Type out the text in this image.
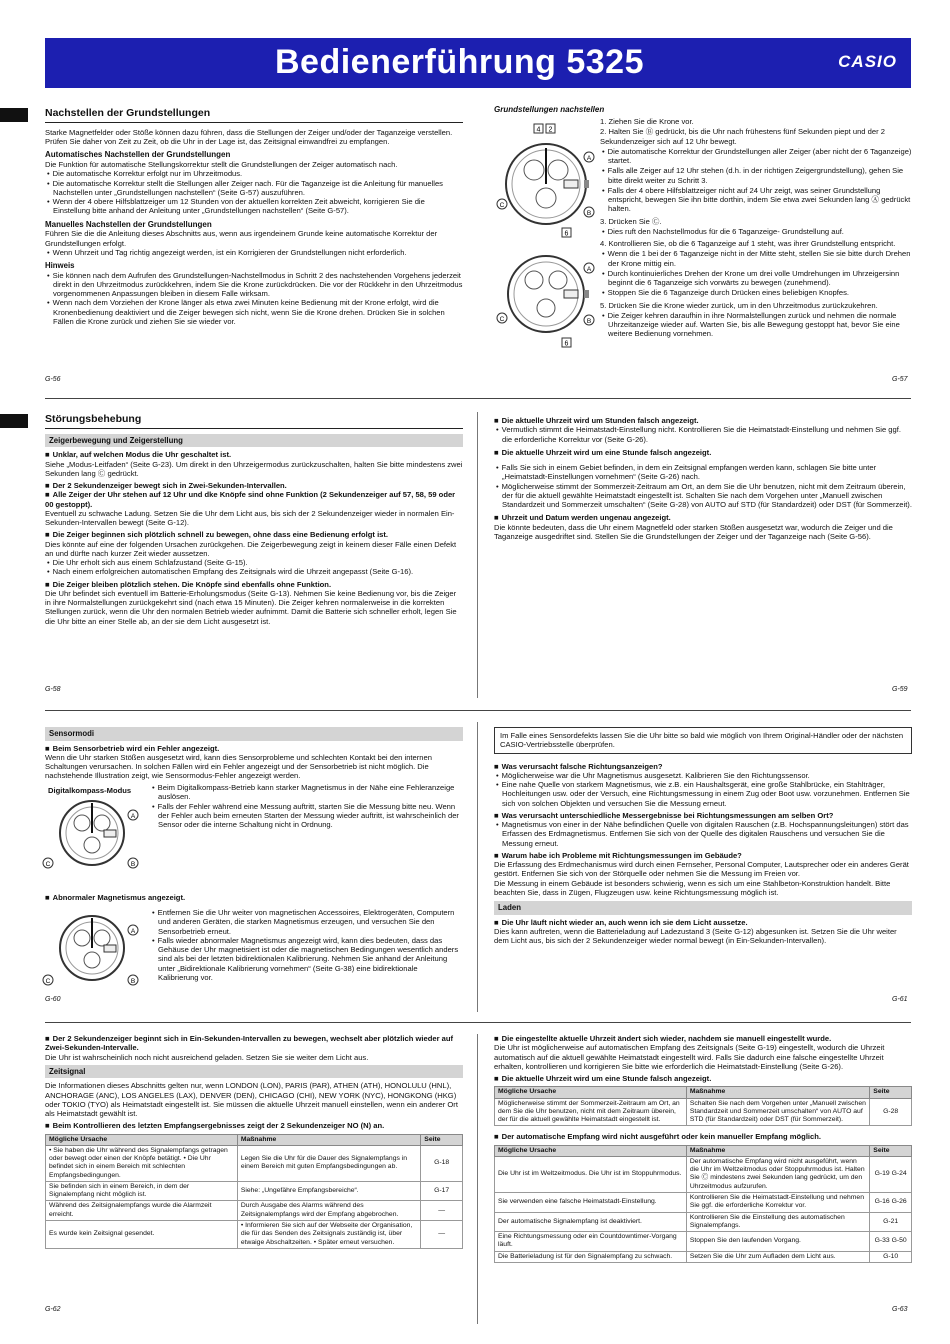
Bedienerführung 5325	CASIO
Nachstellen der Grundstellungen
Starke Magnetfelder oder Stöße können dazu führen, dass die Stellungen der Zeiger und/oder der Taganzeige verstellen. Prüfen Sie daher von Zeit zu Zeit, ob die Uhr in der Lage ist, das Zeitsignal einwandfrei zu empfangen.
Automatisches Nachstellen der Grundstellungen
Die Funktion für automatische Stellungskorrektur stellt die Grundstellungen der Zeiger automatisch nach.
• Die automatische Korrektur erfolgt nur im Uhrzeitmodus.
• Die automatische Korrektur stellt die Stellungen aller Zeiger nach. Für die Taganzeige ist die Anleitung für manuelles Nachstellen unter „Grundstellungen nachstellen“ (Seite G-57) auszuführen.
• Wenn der 4 obere Hilfsblattzeiger um 12 Stunden von der aktuellen korrekten Zeit abweicht, korrigieren Sie die Einstellung bitte anhand der Anleitung unter „Grundstellungen nachstellen“ (Seite G-57).
Manuelles Nachstellen der Grundstellungen
Führen Sie die die Anleitung dieses Abschnitts aus, wenn aus irgendeinem Grunde keine automatische Korrektur der Grundstellungen erfolgt.
• Wenn Uhrzeit und Tag richtig angezeigt werden, ist ein Korrigieren der Grundstellungen nicht erforderlich.
Hinweis
• Sie können nach dem Aufrufen des Grundstellungen-Nachstellmodus in Schritt 2 des nachstehenden Vorgehens jederzeit direkt in den Uhrzeitmodus zurückkehren, indem Sie die Krone zurückdrücken. Die vor der Rückkehr in den Uhrzeitmodus vorgenommenen Anpassungen bleiben in diesem Falle wirksam.
• Wenn nach dem Vorziehen der Krone länger als etwa zwei Minuten keine Bedienung mit der Krone erfolgt, wird die Kronenbedienung deaktiviert und die Zeiger bewegen sich nicht, wenn Sie die Krone drehen. Drücken Sie in solchen Fällen die Krone zurück und ziehen Sie sie wieder vor.
G-56
Grundstellungen nachstellen
4 2
6
A
B
C
6
A
B
C
1. Ziehen Sie die Krone vor.
2. Halten Sie Ⓑ gedrückt, bis die Uhr nach frühestens fünf Sekunden piept und der 2 Sekundenzeiger sich auf 12 Uhr bewegt.
• Die automatische Korrektur der Grundstellungen aller Zeiger (aber nicht der 6 Taganzeige) startet.
• Falls alle Zeiger auf 12 Uhr stehen (d.h. in der richtigen Zeigergrundstellung), gehen Sie bitte direkt weiter zu Schritt 3.
• Falls der 4 obere Hilfsblattzeiger nicht auf 24 Uhr zeigt, was seiner Grundstellung entspricht, bewegen Sie ihn bitte dorthin, indem Sie etwa zwei Sekunden lang Ⓐ gedrückt halten.
3. Drücken Sie Ⓒ.
• Dies ruft den Nachstellmodus für die 6 Taganzeige- Grundstellung auf.
4. Kontrollieren Sie, ob die 6 Taganzeige auf 1 steht, was ihrer Grundstellung entspricht.
• Wenn die 1 bei der 6 Taganzeige nicht in der Mitte steht, stellen Sie sie bitte durch Drehen der Krone mittig ein.
• Durch kontinuierliches Drehen der Krone um drei volle Umdrehungen im Uhrzeigersinn beginnt die 6 Taganzeige sich vorwärts zu bewegen (zunehmend).
• Stoppen Sie die 6 Taganzeige durch Drücken eines beliebigen Knopfes.
5. Drücken Sie die Krone wieder zurück, um in den Uhrzeitmodus zurückzukehren.
• Die Zeiger kehren daraufhin in ihre Normalstellungen zurück und nehmen die normale Uhrzeitanzeige wieder auf. Warten Sie, bis alle Bewegung gestoppt hat, bevor Sie eine weitere Bedienung vornehmen.
G-57
Störungsbehebung
Zeigerbewegung und Zeigerstellung
■ Unklar, auf welchen Modus die Uhr geschaltet ist.
Siehe „Modus-Leitfaden“ (Seite G-23). Um direkt in den Uhrzeigermodus zurückzuschalten, halten Sie bitte mindestens zwei Sekunden lang Ⓒ gedrückt.
■ Der 2 Sekundenzeiger bewegt sich in Zwei-Sekunden-Intervallen.
■ Alle Zeiger der Uhr stehen auf 12 Uhr und dke Knöpfe sind ohne Funktion (2 Sekundenzeiger auf 57, 58, 59 oder 00 gestoppt).
Eventuell zu schwache Ladung. Setzen Sie die Uhr dem Licht aus, bis sich der 2 Sekundenzeiger wieder in normalen Ein-Sekunden-Intervallen bewegt (Seite G-12).
■ Die Zeiger beginnen sich plötzlich schnell zu bewegen, ohne dass eine Bedienung erfolgt ist.
Dies könnte auf eine der folgenden Ursachen zurückgehen. Die Zeigerbewegung zeigt in keinem dieser Fälle einen Defekt an und dürfte nach kurzer Zeit wieder aussetzen.
• Die Uhr erholt sich aus einem Schlafzustand (Seite G-15).
• Nach einem erfolgreichen automatischen Empfang des Zeitsignals wird die Uhrzeit angepasst (Seite G-16).
■ Die Zeiger bleiben plötzlich stehen. Die Knöpfe sind ebenfalls ohne Funktion.
Die Uhr befindet sich eventuell im Batterie-Erholungsmodus (Seite G-13). Nehmen Sie keine Bedienung vor, bis die Zeiger in ihre Normalstellungen zurückgekehrt sind (nach etwa 15 Minuten). Die Zeiger kehren normalerweise in die korrekten Stellungen zurück, wenn die Uhr den normalen Betrieb wieder aufnimmt. Damit die Batterie sich schneller erholt, legen Sie die Uhr bitte an einer Stelle ab, an der sie dem Licht ausgesetzt ist.
G-58
■ Die aktuelle Uhrzeit wird um Stunden falsch angezeigt.
• Vermutlich stimmt die Heimatstadt-Einstellung nicht. Kontrollieren Sie die Heimatstadt-Einstellung und nehmen Sie ggf. die erforderliche Korrektur vor (Seite G-26).
■ Die aktuelle Uhrzeit wird um eine Stunde falsch angezeigt.
• Falls Sie sich in einem Gebiet befinden, in dem ein Zeitsignal empfangen werden kann, schlagen Sie bitte unter „Heimatstadt-Einstellungen vornehmen“ (Seite G-26) nach.
• Möglicherweise stimmt der Sommerzeit-Zeitraum am Ort, an dem Sie die Uhr benutzen, nicht mit dem Zeitraum überein, der für die aktuell gewählte Heimatstadt eingestellt ist. Schalten Sie nach dem Vorgehen unter „Manuell zwischen Standardzeit und Sommerzeit umschalten“ (Seite G-28) von AUTO auf STD (für Standardzeit) oder DST (für Sommerzeit).
■ Uhrzeit und Datum werden ungenau angezeigt.
Die könnte bedeuten, dass die Uhr einem Magnetfeld oder starken Stößen ausgesetzt war, wodurch die Zeiger und die Taganzeige ausgedriftet sind. Stellen Sie die Grundstellungen der Zeiger und der Taganzeige nach (Seite G-56).
G-59
Sensormodi
■ Beim Sensorbetrieb wird ein Fehler angezeigt.
Wenn die Uhr starken Stößen ausgesetzt wird, kann dies Sensorprobleme und schlechten Kontakt bei den internen Schaltungen verursachen. In solchen Fällen wird ein Fehler angezeigt und der Sensorbetrieb ist nicht möglich. Die nachstehende Illustration zeigt, wie Sensormodus-Fehler angezeigt werden.
Digitalkompass-Modus
A
B
C
• Beim Digitalkompass-Betrieb kann starker Magnetismus in der Nähe eine Fehleranzeige auslösen.
• Falls der Fehler während eine Messung auftritt, starten Sie die Messung bitte neu. Wenn der Fehler auch beim erneuten Starten der Messung wieder auftritt, ist wahrscheinlich der Sensor oder die interne Schaltung nicht in Ordnung.
■ Abnormaler Magnetismus angezeigt.
A
B
C
• Entfernen Sie die Uhr weiter von magnetischen Accessoires, Elektrogeräten, Computern und anderen Geräten, die starken Magnetismus erzeugen, und versuchen Sie den Sensorbetrieb erneut.
• Falls wieder abnormaler Magnetismus angezeigt wird, kann dies bedeuten, dass das Gehäuse der Uhr magnetisiert ist oder die magnetischen Bedingungen wesentlich anders sind als bei der letzten bidirektionalen Kalibrierung. Nehmen Sie anhand der Anleitung unter „Bidirektionale Kalibrierung vornehmen“ (Seite G-38) eine bidirektionale Kalibrierung vor.
G-60
Im Falle eines Sensordefekts lassen Sie die Uhr bitte so bald wie möglich von Ihrem Original-Händler oder der nächsten CASIO-Vertriebsstelle überprüfen.
■ Was verursacht falsche Richtungsanzeigen?
• Möglicherweise war die Uhr Magnetismus ausgesetzt. Kalibrieren Sie den Richtungssensor.
• Eine nahe Quelle von starkem Magnetismus, wie z.B. ein Haushaltsgerät, eine große Stahlbrücke, ein Stahlträger, Hochleitungen usw. oder der Versuch, eine Richtungsmessung in einem Zug oder Boot usw. vorzunehmen. Entfernen Sie sich von solchen Objekten und versuchen Sie die Messung erneut.
■ Was verursacht unterschiedliche Messergebnisse bei Richtungsmessungen am selben Ort?
• Magnetismus von einer in der Nähe befindlichen Quelle von digitalen Rauschen (z.B. Hochspannungsleitungen) stört das Erfassen des Erdmagnetismus. Entfernen Sie sich von der Quelle des digitalen Rauschens und versuchen Sie die Messung erneut.
■ Warum habe ich Probleme mit Richtungsmessungen im Gebäude?
Die Erfassung des Erdmechanismus wird durch einen Fernseher, Personal Computer, Lautsprecher oder ein anderes Gerät gestört. Entfernen Sie sich von der Störquelle oder nehmen Sie die Messung im Freien vor.
Die Messung in einem Gebäude ist besonders schwierig, wenn es sich um eine Stahlbeton-Konstruktion handelt. Bitte beachten Sie, dass in Zügen, Flugzeugen usw. keine Richtungsmessung möglich ist.
Laden
■ Die Uhr läuft nicht wieder an, auch wenn ich sie dem Licht aussetze.
Dies kann auftreten, wenn die Batterieladung auf Ladezustand 3 (Seite G-12) abgesunken ist. Setzen Sie die Uhr weiter dem Licht aus, bis sich der 2 Sekundenzeiger wieder normal bewegt (in Ein-Sekunden-Intervallen).
G-61
■ Der 2 Sekundenzeiger beginnt sich in Ein-Sekunden-Intervallen zu bewegen, wechselt aber plötzlich wieder auf Zwei-Sekunden-Intervalle.
Die Uhr ist wahrscheinlich noch nicht ausreichend geladen. Setzen Sie sie weiter dem Licht aus.
Zeitsignal
Die Informationen dieses Abschnitts gelten nur, wenn LONDON (LON), PARIS (PAR), ATHEN (ATH), HONOLULU (HNL), ANCHORAGE (ANC), LOS ANGELES (LAX), DENVER (DEN), CHICAGO (CHI), NEW YORK (NYC), HONGKONG (HKG) oder TOKIO (TYO) als Heimatstadt eingestellt ist. Sie müssen die aktuelle Uhrzeit manuell einstellen, wenn ein anderer Ort als Heimatstadt gewählt ist.
■ Beim Kontrollieren des letzten Empfangsergebnisses zeigt der 2 Sekundenzeiger NO (N) an.
Mögliche Ursache	Maßnahme	Seite
• Sie haben die Uhr während des Signalempfangs getragen oder bewegt oder einen der Knöpfe betätigt. • Die Uhr befindet sich in einem Bereich mit schlechten Empfangsbedingungen.	Legen Sie die Uhr für die Dauer des Signalempfangs in einem Bereich mit guten Empfangsbedingungen ab.	G-18
Sie befinden sich in einem Bereich, in dem der Signalempfang nicht möglich ist.	Siehe: „Ungefähre Empfangsbereiche“.	G-17
Während des Zeitsignalempfangs wurde die Alarmzeit erreicht.	Durch Ausgabe des Alarms während des Zeitsignalempfangs wird der Empfang abgebrochen.	—
Es wurde kein Zeitsignal gesendet.	• Informieren Sie sich auf der Webseite der Organisation, die für das Senden des Zeitsignals zuständig ist, über etwaige Abschaltzeiten. • Später erneut versuchen.	—
G-62
■ Die eingestellte aktuelle Uhrzeit ändert sich wieder, nachdem sie manuell eingestellt wurde.
Die Uhr ist möglicherweise auf automatischen Empfang des Zeitsignals (Seite G-19) eingestellt, wodurch die Uhrzeit automatisch auf die aktuell gewählte Heimatstadt eingestellt wird. Falls Sie dadurch eine falsche eingestellte Uhrzeit erhalten, kontrollieren und korrigieren Sie bitte wie erforderlich die Heimatstadt-Einstellung (Seite G-26).
■ Die aktuelle Uhrzeit wird um eine Stunde falsch angezeigt.
Mögliche Ursache	Maßnahme	Seite
Möglicherweise stimmt der Sommerzeit-Zeitraum am Ort, an dem Sie die Uhr benutzen, nicht mit dem Zeitraum überein, der für die aktuell gewählte Heimatstadt eingestellt ist.	Schalten Sie nach dem Vorgehen unter „Manuell zwischen Standardzeit und Sommerzeit umschalten“ von AUTO auf STD (für Standardzeit) oder DST (für Sommerzeit).	G-28
■ Der automatische Empfang wird nicht ausgeführt oder kein manueller Empfang möglich.
Mögliche Ursache	Maßnahme	Seite
Die Uhr ist im Weltzeitmodus. Die Uhr ist im Stoppuhrmodus.	Der automatische Empfang wird nicht ausgeführt, wenn die Uhr im Weltzeitmodus oder Stoppuhrmodus ist. Halten Sie Ⓒ mindestens zwei Sekunden lang gedrückt, um den Uhrzeitmodus aufzurufen.	G-19 G-24
Sie verwenden eine falsche Heimatstadt-Einstellung.	Kontrollieren Sie die Heimatstadt-Einstellung und nehmen Sie ggf. die erforderliche Korrektur vor.	G-16 G-26
Der automatische Signalempfang ist deaktiviert.	Kontrollieren Sie die Einstellung des automatischen Signalempfangs.	G-21
Eine Richtungsmessung oder ein Countdowntimer-Vorgang läuft.	Stoppen Sie den laufenden Vorgang.	G-33 G-50
Die Batterieladung ist für den Signalempfang zu schwach.	Setzen Sie die Uhr zum Aufladen dem Licht aus.	G-10
G-63
